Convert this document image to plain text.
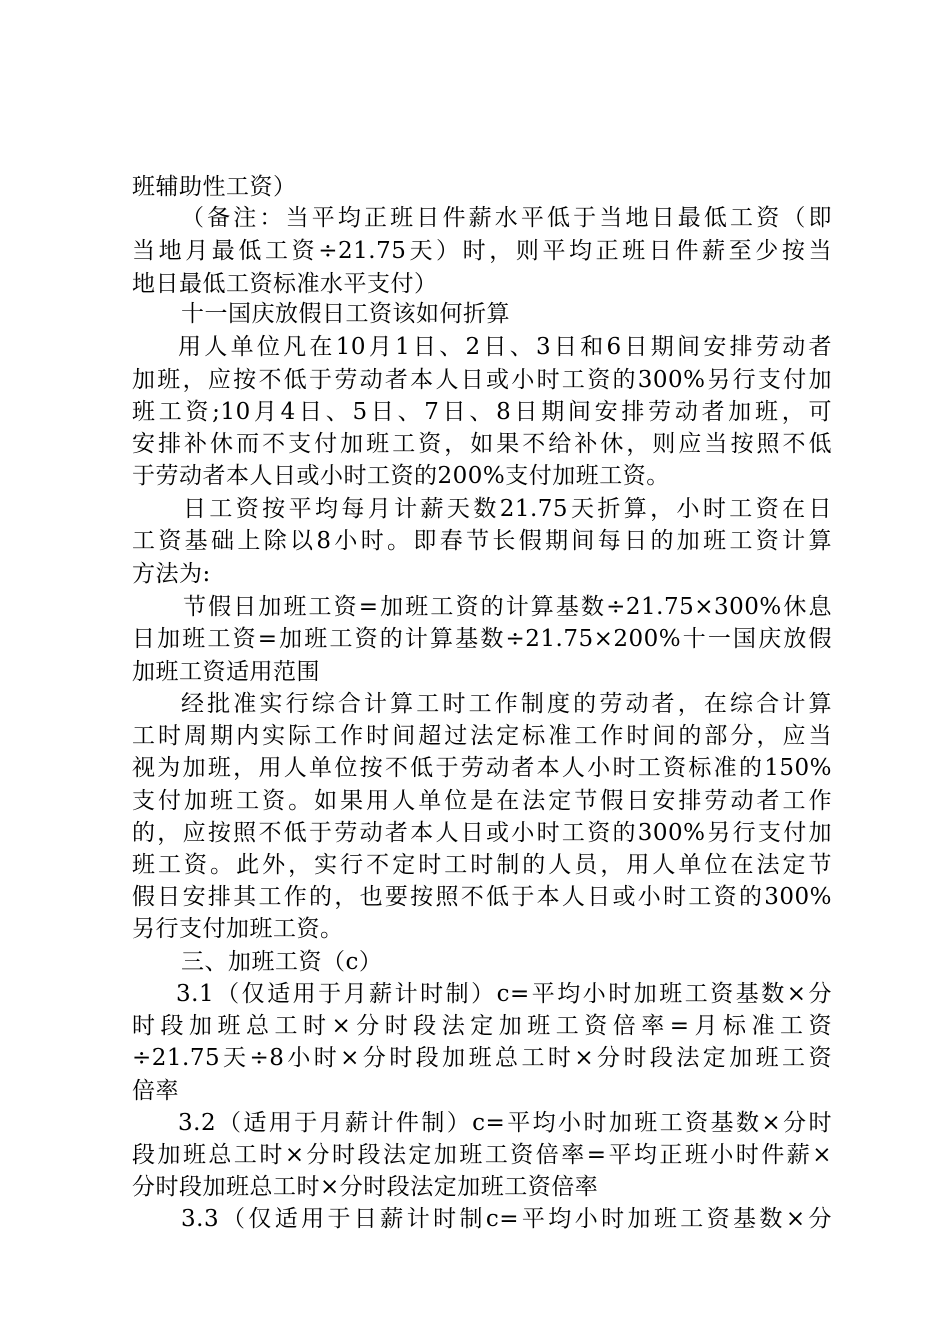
班辅助性工资）
（备注：当平均正班日件薪水平低于当地日最低工资（即
当地月最低工资÷21.75天）时，则平均正班日件薪至少按当
地日最低工资标准水平支付）
十一国庆放假日工资该如何折算
用人单位凡在10月1日、2日、3日和6日期间安排劳动者
加班，应按不低于劳动者本人日或小时工资的300%另行支付加
班工资;10月4日、5日、7日、8日期间安排劳动者加班，可
安排补休而不支付加班工资，如果不给补休，则应当按照不低
于劳动者本人日或小时工资的200%支付加班工资。
日工资按平均每月计薪天数21.75天折算，小时工资在日
工资基础上除以8小时。即春节长假期间每日的加班工资计算
方法为:
节假日加班工资=加班工资的计算基数÷21.75×300%休息
日加班工资=加班工资的计算基数÷21.75×200%十一国庆放假
加班工资适用范围
经批准实行综合计算工时工作制度的劳动者，在综合计算
工时周期内实际工作时间超过法定标准工作时间的部分，应当
视为加班，用人单位按不低于劳动者本人小时工资标准的150%
支付加班工资。如果用人单位是在法定节假日安排劳动者工作
的，应按照不低于劳动者本人日或小时工资的300%另行支付加
班工资。此外，实行不定时工时制的人员，用人单位在法定节
假日安排其工作的，也要按照不低于本人日或小时工资的300%
另行支付加班工资。
三、加班工资（c）
3.1（仅适用于月薪计时制）c=平均小时加班工资基数×分
时段加班总工时×分时段法定加班工资倍率=月标准工资
÷21.75天÷8小时×分时段加班总工时×分时段法定加班工资
倍率
3.2（适用于月薪计件制）c=平均小时加班工资基数×分时
段加班总工时×分时段法定加班工资倍率=平均正班小时件薪×
分时段加班总工时×分时段法定加班工资倍率
3.3（仅适用于日薪计时制c=平均小时加班工资基数×分
